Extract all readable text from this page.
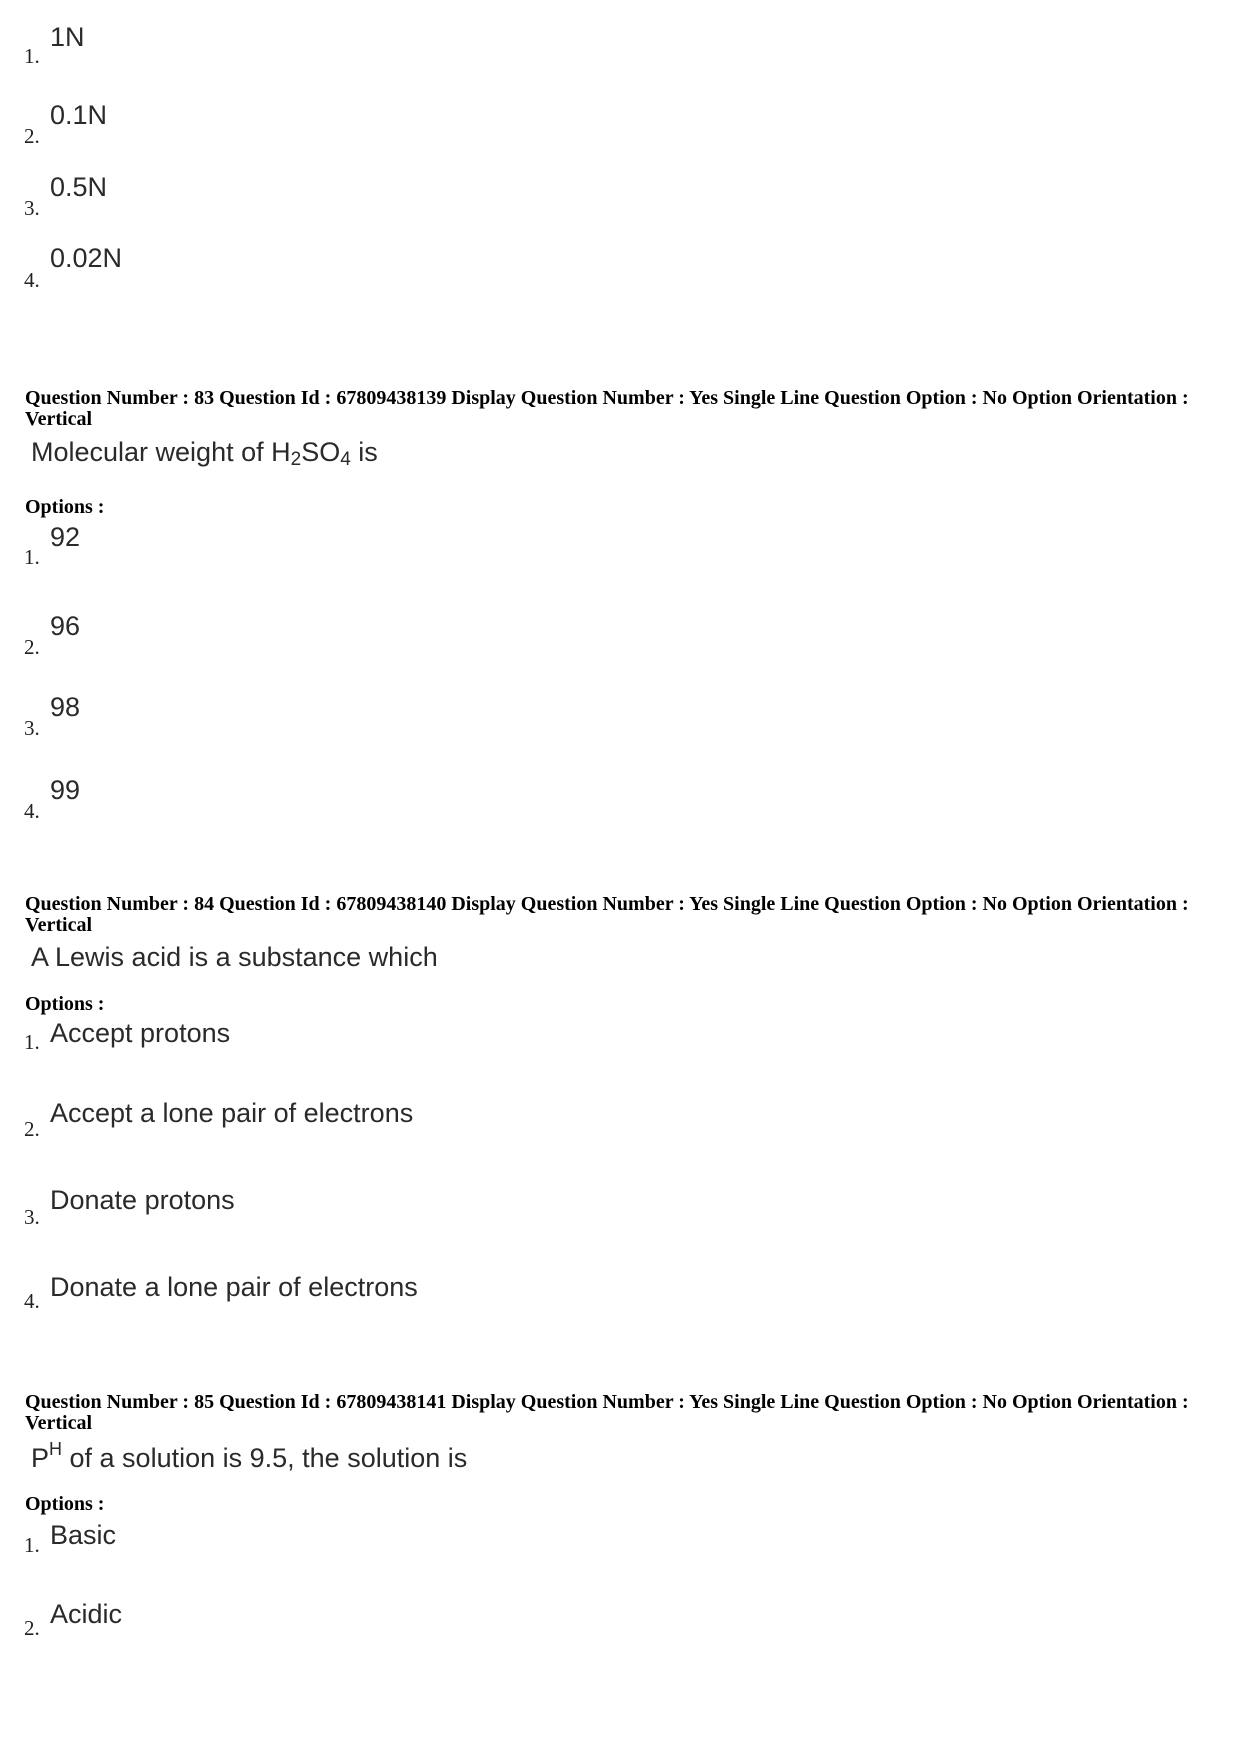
1.
1N
2.
0.1N
3.
0.5N
4.
0.02N
Question Number : 83 Question Id : 67809438139 Display Question Number : Yes Single Line Question Option : No Option Orientation : Vertical
Molecular weight of $H_2SO_4$ is
Options :
1.
92
2.
96
3.
98
4.
99
Question Number : 84 Question Id : 67809438140 Display Question Number : Yes Single Line Question Option : No Option Orientation : Vertical
A Lewis acid is a substance which
Options :
1. Accept protons
2.
Accept a lone pair of electrons
3.
Donate protons
4. Donate a lone pair of electrons
Question Number : 85 Question Id : 67809438141 Display Question Number : Yes Single Line Question Option : No Option Orientation : Vertical
$P^H$ of a solution is 9.5, the solution is
Options :
1. Basic
2. Acidic
